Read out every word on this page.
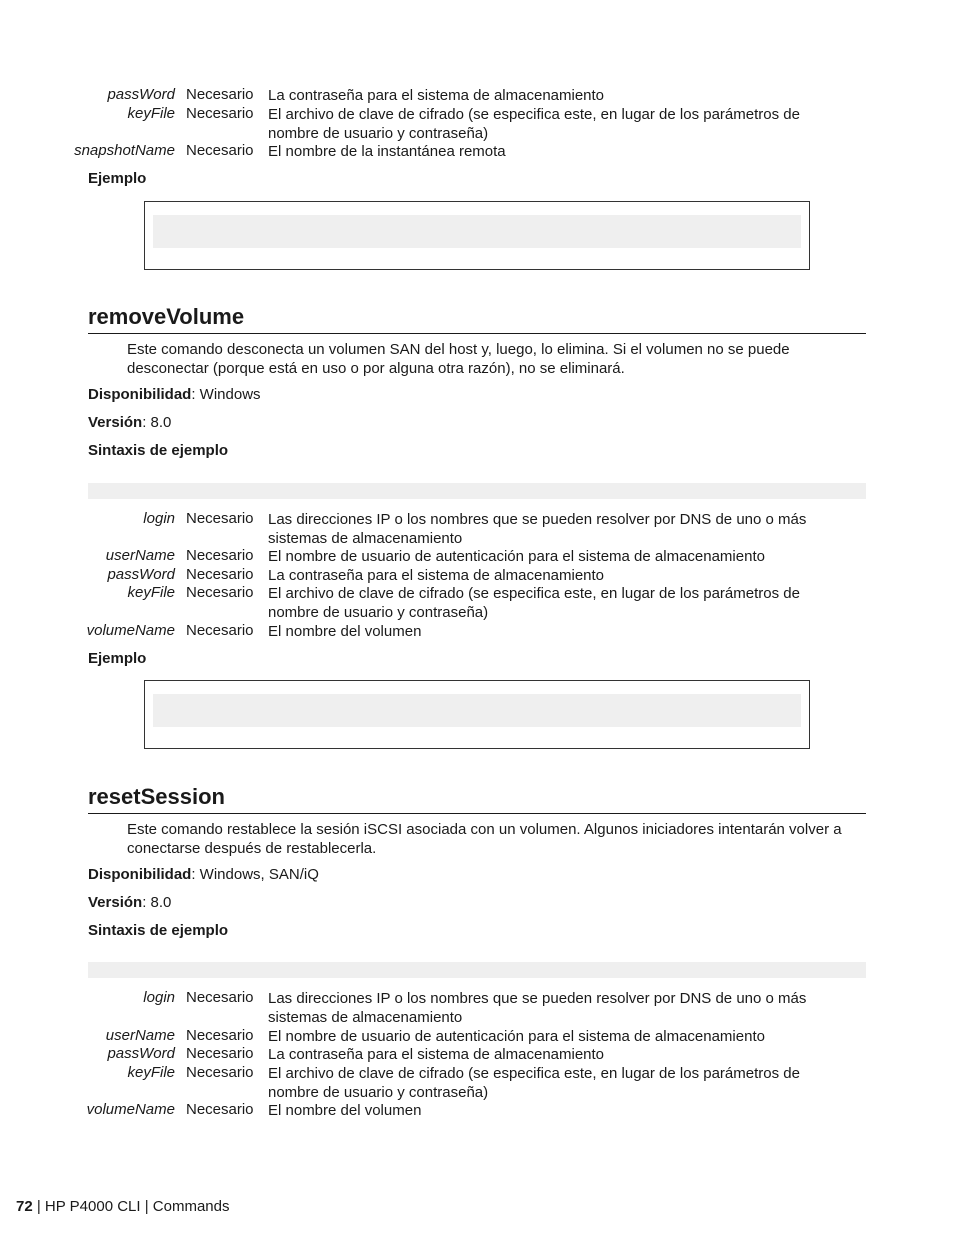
passWord Necesario La contraseña para el sistema de almacenamiento
keyFile Necesario El archivo de clave de cifrado (se especifica este, en lugar de los parámetros de nombre de usuario y contraseña)
snapshotName Necesario El nombre de la instantánea remota
Ejemplo
removeVolume
Este comando desconecta un volumen SAN del host y, luego, lo elimina. Si el volumen no se puede desconectar (porque está en uso o por alguna otra razón), no se eliminará.
Disponibilidad: Windows
Versión: 8.0
Sintaxis de ejemplo
login Necesario Las direcciones IP o los nombres que se pueden resolver por DNS de uno o más sistemas de almacenamiento
userName Necesario El nombre de usuario de autenticación para el sistema de almacenamiento
passWord Necesario La contraseña para el sistema de almacenamiento
keyFile Necesario El archivo de clave de cifrado (se especifica este, en lugar de los parámetros de nombre de usuario y contraseña)
volumeName Necesario El nombre del volumen
Ejemplo
resetSession
Este comando restablece la sesión iSCSI asociada con un volumen. Algunos iniciadores intentarán volver a conectarse después de restablecerla.
Disponibilidad: Windows, SAN/iQ
Versión: 8.0
Sintaxis de ejemplo
login Necesario Las direcciones IP o los nombres que se pueden resolver por DNS de uno o más sistemas de almacenamiento
userName Necesario El nombre de usuario de autenticación para el sistema de almacenamiento
passWord Necesario La contraseña para el sistema de almacenamiento
keyFile Necesario El archivo de clave de cifrado (se especifica este, en lugar de los parámetros de nombre de usuario y contraseña)
volumeName Necesario El nombre del volumen
72 | HP P4000 CLI | Commands
